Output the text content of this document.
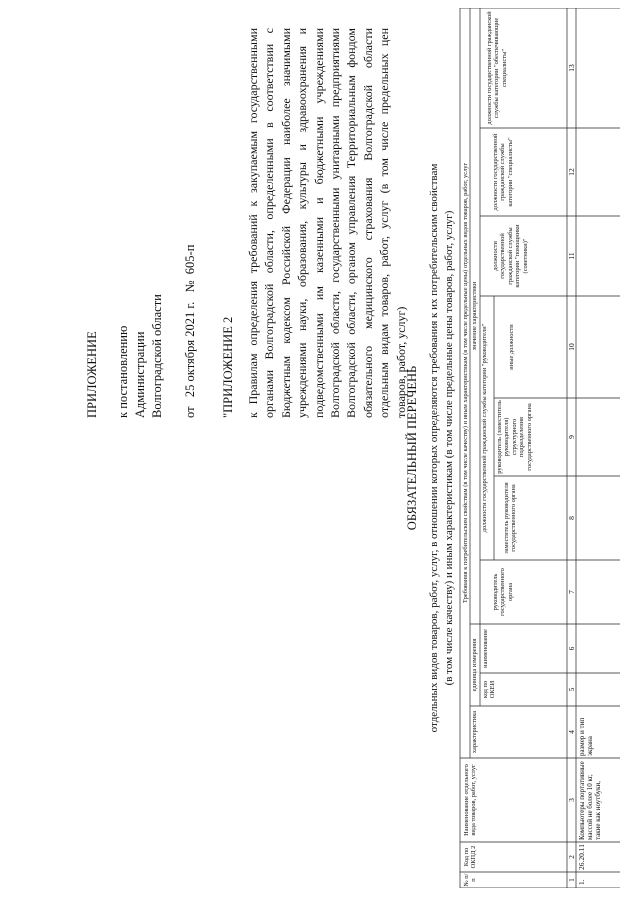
ПРИЛОЖЕНИЕ к постановлению Администрации Волгоградской области от   25 октября 2021 г.   №  605-п
"ПРИЛОЖЕНИЕ 2 к Правилам определения требований к закупаемым государственными органами Волгоградской области, определенными в соответствии с Бюджетным кодексом Российской Федерации наиболее значимыми учреждениями науки, образования, культуры и здравоохранения и подведомственными им казенными и бюджетными учреждениями Волгоградской области, государственными унитарными предприятиями Волгоградской области, органом управления Территориальным фондом обязательного медицинского страхования Волгоградской области отдельным видам товаров, работ, услуг (в том числе предельных цен товаров, работ, услуг)
ОБЯЗАТЕЛЬНЫЙ ПЕРЕЧЕНЬ отдельных видов товаров, работ, услуг, в отношении которых определяются требования к их потребительским свойствам (в том числе качеству) и иным характеристикам (в том числе предельные цены товаров, работ, услуг)
№ п/п
Код по ОКПД 2
Наименование отдельного вида товаров, работ, услуг
Требования к потребительским свойствам (в том числе качеству) и иным характеристикам (в том числе предельные цены) отдельных видов товаров, работ, услуг
характеристика
единица измерения код по ОКЕИ
наименование
значение характеристики
руководитель государственного органа
должности государственной гражданской службы категории "руководители" заместитель руководителя государственного органа
руководитель (заместитель руководителя) структурного подразделения государственного органа
иные должности
должности государственной гражданской службы категории "помощники (советники)"
должности государственной гражданской службы категории "специалисты"
должности государственной гражданской службы категории "обеспечивающие специалисты"
1
2
3
4
5
6
7
8
9
10
11
12
13
1.
26.20.11
Компьютеры портативные массой не более 10 кг, такие как ноутбуки,
размер и тип экрана
